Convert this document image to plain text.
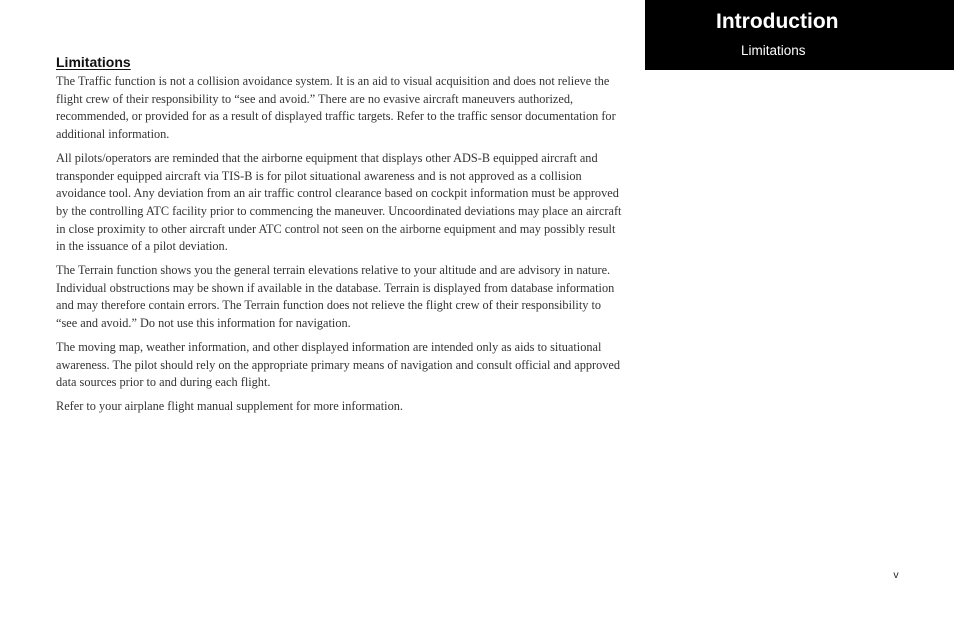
Introduction
Limitations
Limitations

The Traffic function is not a collision avoidance system. It is an aid to visual acquisition and does not relieve the flight crew of their responsibility to “see and avoid.” There are no evasive aircraft maneuvers authorized, recommended, or provided for as a result of displayed traffic targets. Refer to the traffic sensor documentation for additional information.

All pilots/operators are reminded that the airborne equipment that displays other ADS-B equipped aircraft and transponder equipped aircraft via TIS-B is for pilot situational awareness and is not approved as a collision avoidance tool. Any deviation from an air traffic control clearance based on cockpit information must be approved by the controlling ATC facility prior to commencing the maneuver. Uncoordinated deviations may place an aircraft in close proximity to other aircraft under ATC control not seen on the airborne equipment and may possibly result in the issuance of a pilot deviation.

The Terrain function shows you the general terrain elevations relative to your altitude and are advisory in nature. Individual obstructions may be shown if available in the database. Terrain is displayed from database information and may therefore contain errors. The Terrain function does not relieve the flight crew of their responsibility to “see and avoid.” Do not use this information for navigation.

The moving map, weather information, and other displayed information are intended only as aids to situational awareness. The pilot should rely on the appropriate primary means of navigation and consult official and approved data sources prior to and during each flight.

Refer to your airplane flight manual supplement for more information.

v
